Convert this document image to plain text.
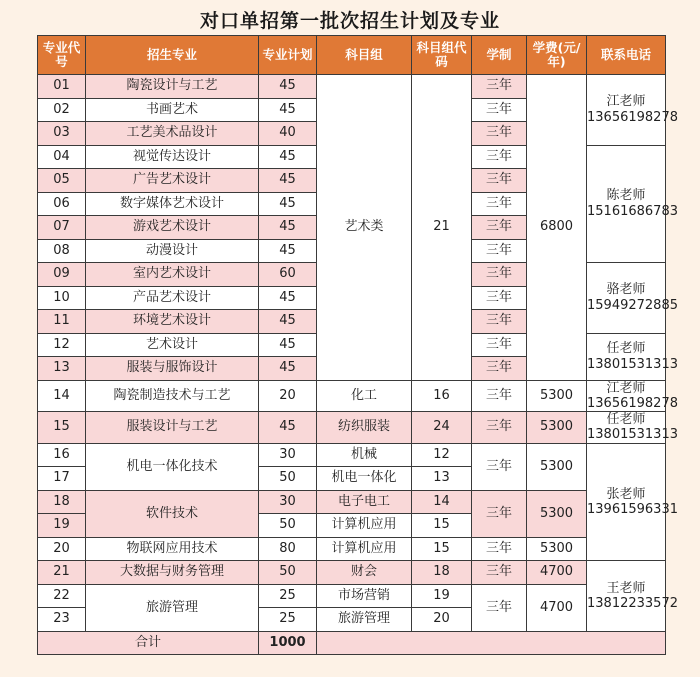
对口单招第一批次招生计划及专业
专业代号	招生专业	专业计划	科目组	科目组代码	学制	学费(元/年)	联系电话
01	陶瓷设计与工艺	45	艺术类	21	三年	6800	江老师
13656198278
02	书画艺术	45			三年		
03	工艺美术品设计	40			三年		
04	视觉传达设计	45			三年		陈老师
15161686783
05	广告艺术设计	45			三年		
06	数字媒体艺术设计	45			三年		
07	游戏艺术设计	45			三年		
08	动漫设计	45			三年		
09	室内艺术设计	60			三年		骆老师
15949272885
10	产品艺术设计	45			三年		
11	环境艺术设计	45			三年		
12	艺术设计	45			三年		任老师
13801531313
13	服装与服饰设计	45			三年		
14	陶瓷制造技术与工艺	20	化工	16	三年	5300	江老师
13656198278
15	服装设计与工艺	45	纺织服装	24	三年	5300	任老师
13801531313
16	机电一体化技术	30	机械	12	三年	5300	张老师
13961596331
17		50	机电一体化	13			
18	软件技术	30	电子电工	14	三年	5300	
19		50	计算机应用	15			
20	物联网应用技术	80	计算机应用	15	三年	5300	
21	大数据与财务管理	50	财会	18	三年	4700	王老师
13812233572
22	旅游管理	25	市场营销	19	三年	4700	
23		25	旅游管理	20			
合计		1000					
